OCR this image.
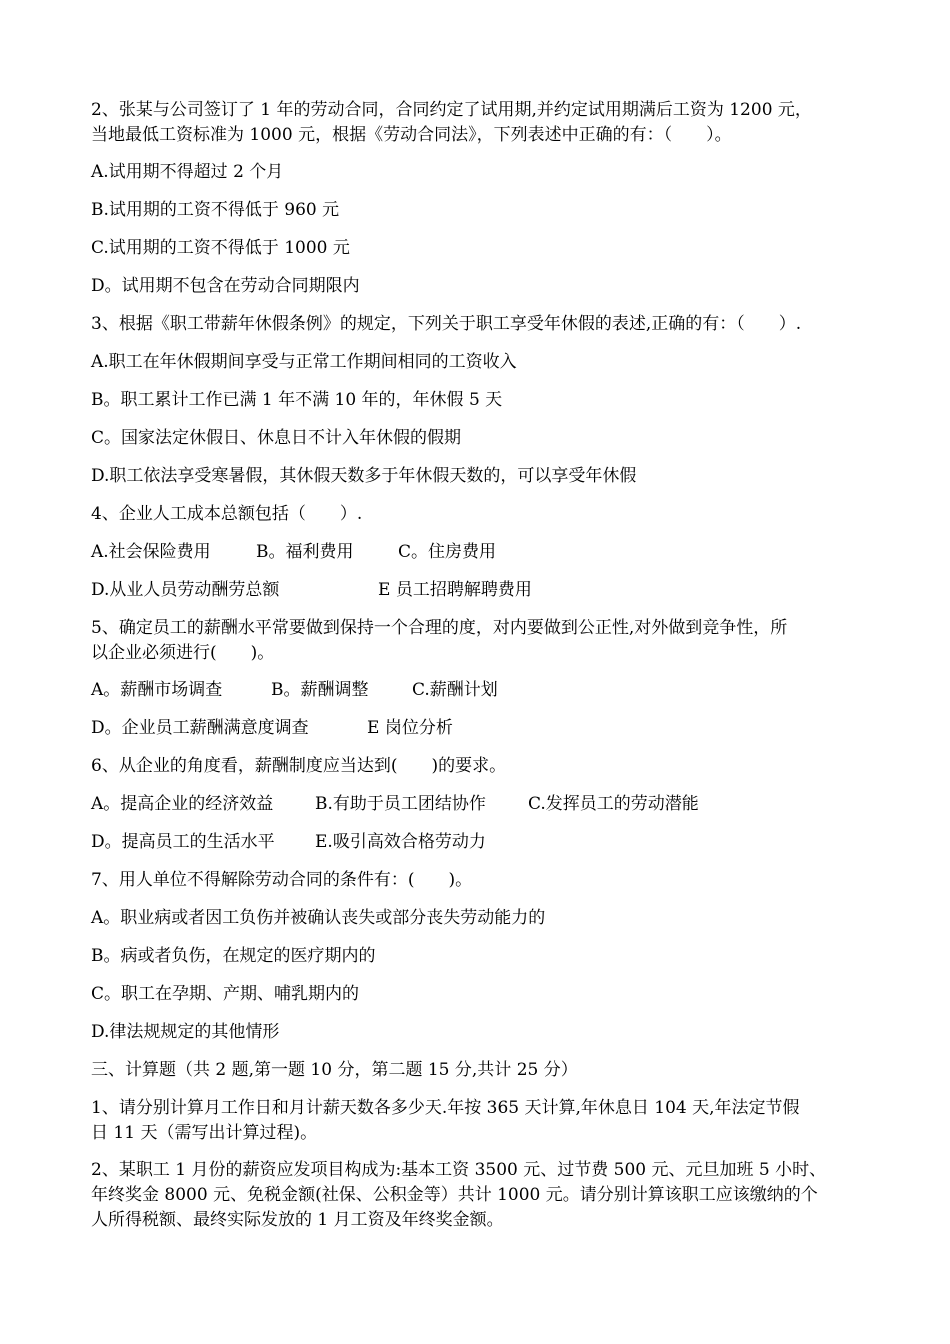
2、张某与公司签订了 1 年的劳动合同，合同约定了试用期,并约定试用期满后工资为 1200 元，
当地最低工资标准为 1000 元，根据《劳动合同法》，下列表述中正确的有：（　　）。
A.试用期不得超过 2 个月
B.试用期的工资不得低于 960 元
C.试用期的工资不得低于 1000 元
D。试用期不包含在劳动合同期限内
3、根据《职工带薪年休假条例》的规定，下列关于职工享受年休假的表述,正确的有：（　　）.
A.职工在年休假期间享受与正常工作期间相同的工资收入
B。职工累计工作已满 1 年不满 10 年的，年休假 5 天
C。国家法定休假日、休息日不计入年休假的假期
D.职工依法享受寒暑假，其休假天数多于年休假天数的，可以享受年休假
4、企业人工成本总额包括（　　）.
A.社会保险费用	B。福利费用	C。住房费用
D.从业人员劳动酬劳总额	E 员工招聘解聘费用
5、确定员工的薪酬水平常要做到保持一个合理的度，对内要做到公正性,对外做到竞争性，所
以企业必须进行(　　)。
A。薪酬市场调查	B。薪酬调整	C.薪酬计划
D。企业员工薪酬满意度调查	E 岗位分析
6、从企业的角度看，薪酬制度应当达到(　　)的要求。
A。提高企业的经济效益 B.有助于员工团结协作 C.发挥员工的劳动潜能
D。提高员工的生活水平 E.吸引高效合格劳动力
7、用人单位不得解除劳动合同的条件有：(　　)。
A。职业病或者因工负伤并被确认丧失或部分丧失劳动能力的
B。病或者负伤，在规定的医疗期内的
C。职工在孕期、产期、哺乳期内的
D.律法规规定的其他情形
三、计算题（共 2 题,第一题 10 分，第二题 15 分,共计 25 分）
1、请分别计算月工作日和月计薪天数各多少天.年按 365 天计算,年休息日 104 天,年法定节假
日 11 天（需写出计算过程)。
2、某职工 1 月份的薪资应发项目构成为:基本工资 3500 元、过节费 500 元、元旦加班 5 小时、
年终奖金 8000 元、免税金额(社保、公积金等）共计 1000 元。请分别计算该职工应该缴纳的个
人所得税额、最终实际发放的 1 月工资及年终奖金额。
